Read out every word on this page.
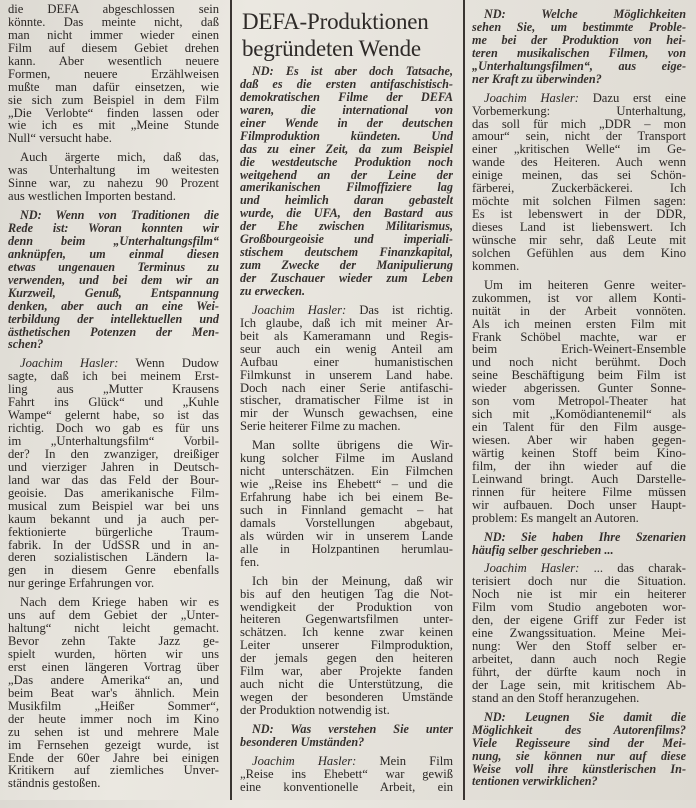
die DEFA abgeschlossen sein
könnte. Das meinte nicht, daß
man nicht immer wieder einen
Film auf diesem Gebiet drehen
kann. Aber wesentlich neuere
Formen, neuere Erzählweisen
mußte man dafür einsetzen, wie
sie sich zum Beispiel in dem Film
„Die Verlobte“ finden lassen oder
wie ich es mit „Meine Stunde
Null“ versucht habe.
Auch ärgerte mich, daß das,
was Unterhaltung im weitesten
Sinne war, zu nahezu 90 Prozent
aus westlichen Importen bestand.
ND: Wenn von Traditionen die
Rede ist: Woran konnten wir
denn beim „Unterhaltungsfilm“
anknüpfen, um einmal diesen
etwas ungenauen Terminus zu
verwenden, und bei dem wir an
Kurzweil, Genuß, Entspannung
denken, aber auch an eine Wei-
terbildung der intellektuellen und
ästhetischen Potenzen der Men-
schen?
Joachim Hasler: Wenn Dudow
sagte, daß ich bei meinem Erst-
ling aus „Mutter Krausens
Fahrt ins Glück“ und „Kuhle
Wampe“ gelernt habe, so ist das
richtig. Doch wo gab es für uns
im „Unterhaltungsfilm“ Vorbil-
der? In den zwanziger, dreißiger
und vierziger Jahren in Deutsch-
land war das das Feld der Bour-
geoisie. Das amerikanische Film-
musical zum Beispiel war bei uns
kaum bekannt und ja auch per-
fektionierte bürgerliche Traum-
fabrik. In der UdSSR und in an-
deren sozialistischen Ländern la-
gen in diesem Genre ebenfalls
nur geringe Erfahrungen vor.
Nach dem Kriege haben wir es
uns auf dem Gebiet der „Unter-
haltung“ nicht leicht gemacht.
Bevor zehn Takte Jazz ge-
spielt wurden, hörten wir uns
erst einen längeren Vortrag über
„Das andere Amerika“ an, und
beim Beat war's ähnlich. Mein
Musikfilm „Heißer Sommer“,
der heute immer noch im Kino
zu sehen ist und mehrere Male
im Fernsehen gezeigt wurde, ist
Ende der 60er Jahre bei einigen
Kritikern auf ziemliches Unver-
ständnis gestoßen.
DEFA-Produktionen
begründeten Wende
ND: Es ist aber doch Tatsache,
daß es die ersten antifaschistisch-
demokratischen Filme der DEFA
waren, die international von
einer Wende in der deutschen
Filmproduktion kündeten. Und
das zu einer Zeit, da zum Beispiel
die westdeutsche Produktion noch
weitgehend an der Leine der
amerikanischen Filmoffiziere lag
und heimlich daran gebastelt
wurde, die UFA, den Bastard aus
der Ehe zwischen Militarismus,
Großbourgeoisie und imperiali-
stischem deutschem Finanzkapital,
zum Zwecke der Manipulierung
der Zuschauer wieder zum Leben
zu erwecken.
Joachim Hasler: Das ist richtig.
Ich glaube, daß ich mit meiner Ar-
beit als Kameramann und Regis-
seur auch ein wenig Anteil am
Aufbau einer humanistischen
Filmkunst in unserem Land habe.
Doch nach einer Serie antifaschi-
stischer, dramatischer Filme ist in
mir der Wunsch gewachsen, eine
Serie heiterer Filme zu machen.
Man sollte übrigens die Wir-
kung solcher Filme im Ausland
nicht unterschätzen. Ein Filmchen
wie „Reise ins Ehebett“ – und die
Erfahrung habe ich bei einem Be-
such in Finnland gemacht – hat
damals Vorstellungen abgebaut,
als würden wir in unserem Lande
alle in Holzpantinen herumlau-
fen.
Ich bin der Meinung, daß wir
bis auf den heutigen Tag die Not-
wendigkeit der Produktion von
heiteren Gegenwartsfilmen unter-
schätzen. Ich kenne zwar keinen
Leiter unserer Filmproduktion,
der jemals gegen den heiteren
Film war, aber Projekte fanden
auch nicht die Unterstützung, die
wegen der besonderen Umstände
der Produktion notwendig ist.
ND: Was verstehen Sie unter
besonderen Umständen?
Joachim Hasler: Mein Film
„Reise ins Ehebett“ war gewiß
eine konventionelle Arbeit, ein
ND: Welche Möglichkeiten
sehen Sie, um bestimmte Proble-
me bei der Produktion von hei-
teren musikalischen Filmen, von
„Unterhaltungsfilmen“, aus eige-
ner Kraft zu überwinden?
Joachim Hasler: Dazu erst eine
Vorbemerkung: Unterhaltung,
das soll für mich „DDR – mon
amour“ sein, nicht der Transport
einer „kritischen Welle“ im Ge-
wande des Heiteren. Auch wenn
einige meinen, das sei Schön-
färberei, Zuckerbäckerei. Ich
möchte mit solchen Filmen sagen:
Es ist lebenswert in der DDR,
dieses Land ist liebenswert. Ich
wünsche mir sehr, daß Leute mit
solchen Gefühlen aus dem Kino
kommen.
Um im heiteren Genre weiter-
zukommen, ist vor allem Konti-
nuität in der Arbeit vonnöten.
Als ich meinen ersten Film mit
Frank Schöbel machte, war er
beim Erich-Weinert-Ensemble
und noch nicht berühmt. Doch
seine Beschäftigung beim Film ist
wieder abgerissen. Gunter Sonne-
son vom Metropol-Theater hat
sich mit „Komödiantenemil“ als
ein Talent für den Film ausge-
wiesen. Aber wir haben gegen-
wärtig keinen Stoff beim Kino-
film, der ihn wieder auf die
Leinwand bringt. Auch Darstelle-
rinnen für heitere Filme müssen
wir aufbauen. Doch unser Haupt-
problem: Es mangelt an Autoren.
ND: Sie haben Ihre Szenarien
häufig selber geschrieben ...
Joachim Hasler: ... das charak-
terisiert doch nur die Situation.
Noch nie ist mir ein heiterer
Film vom Studio angeboten wor-
den, der eigene Griff zur Feder ist
eine Zwangssituation. Meine Mei-
nung: Wer den Stoff selber er-
arbeitet, dann auch noch Regie
führt, der dürfte kaum noch in
der Lage sein, mit kritischem Ab-
stand an den Stoff heranzugehen.
ND: Leugnen Sie damit die
Möglichkeit des Autorenfilms?
Viele Regisseure sind der Mei-
nung, sie können nur auf diese
Weise voll ihre künstlerischen In-
tentionen verwirklichen?
